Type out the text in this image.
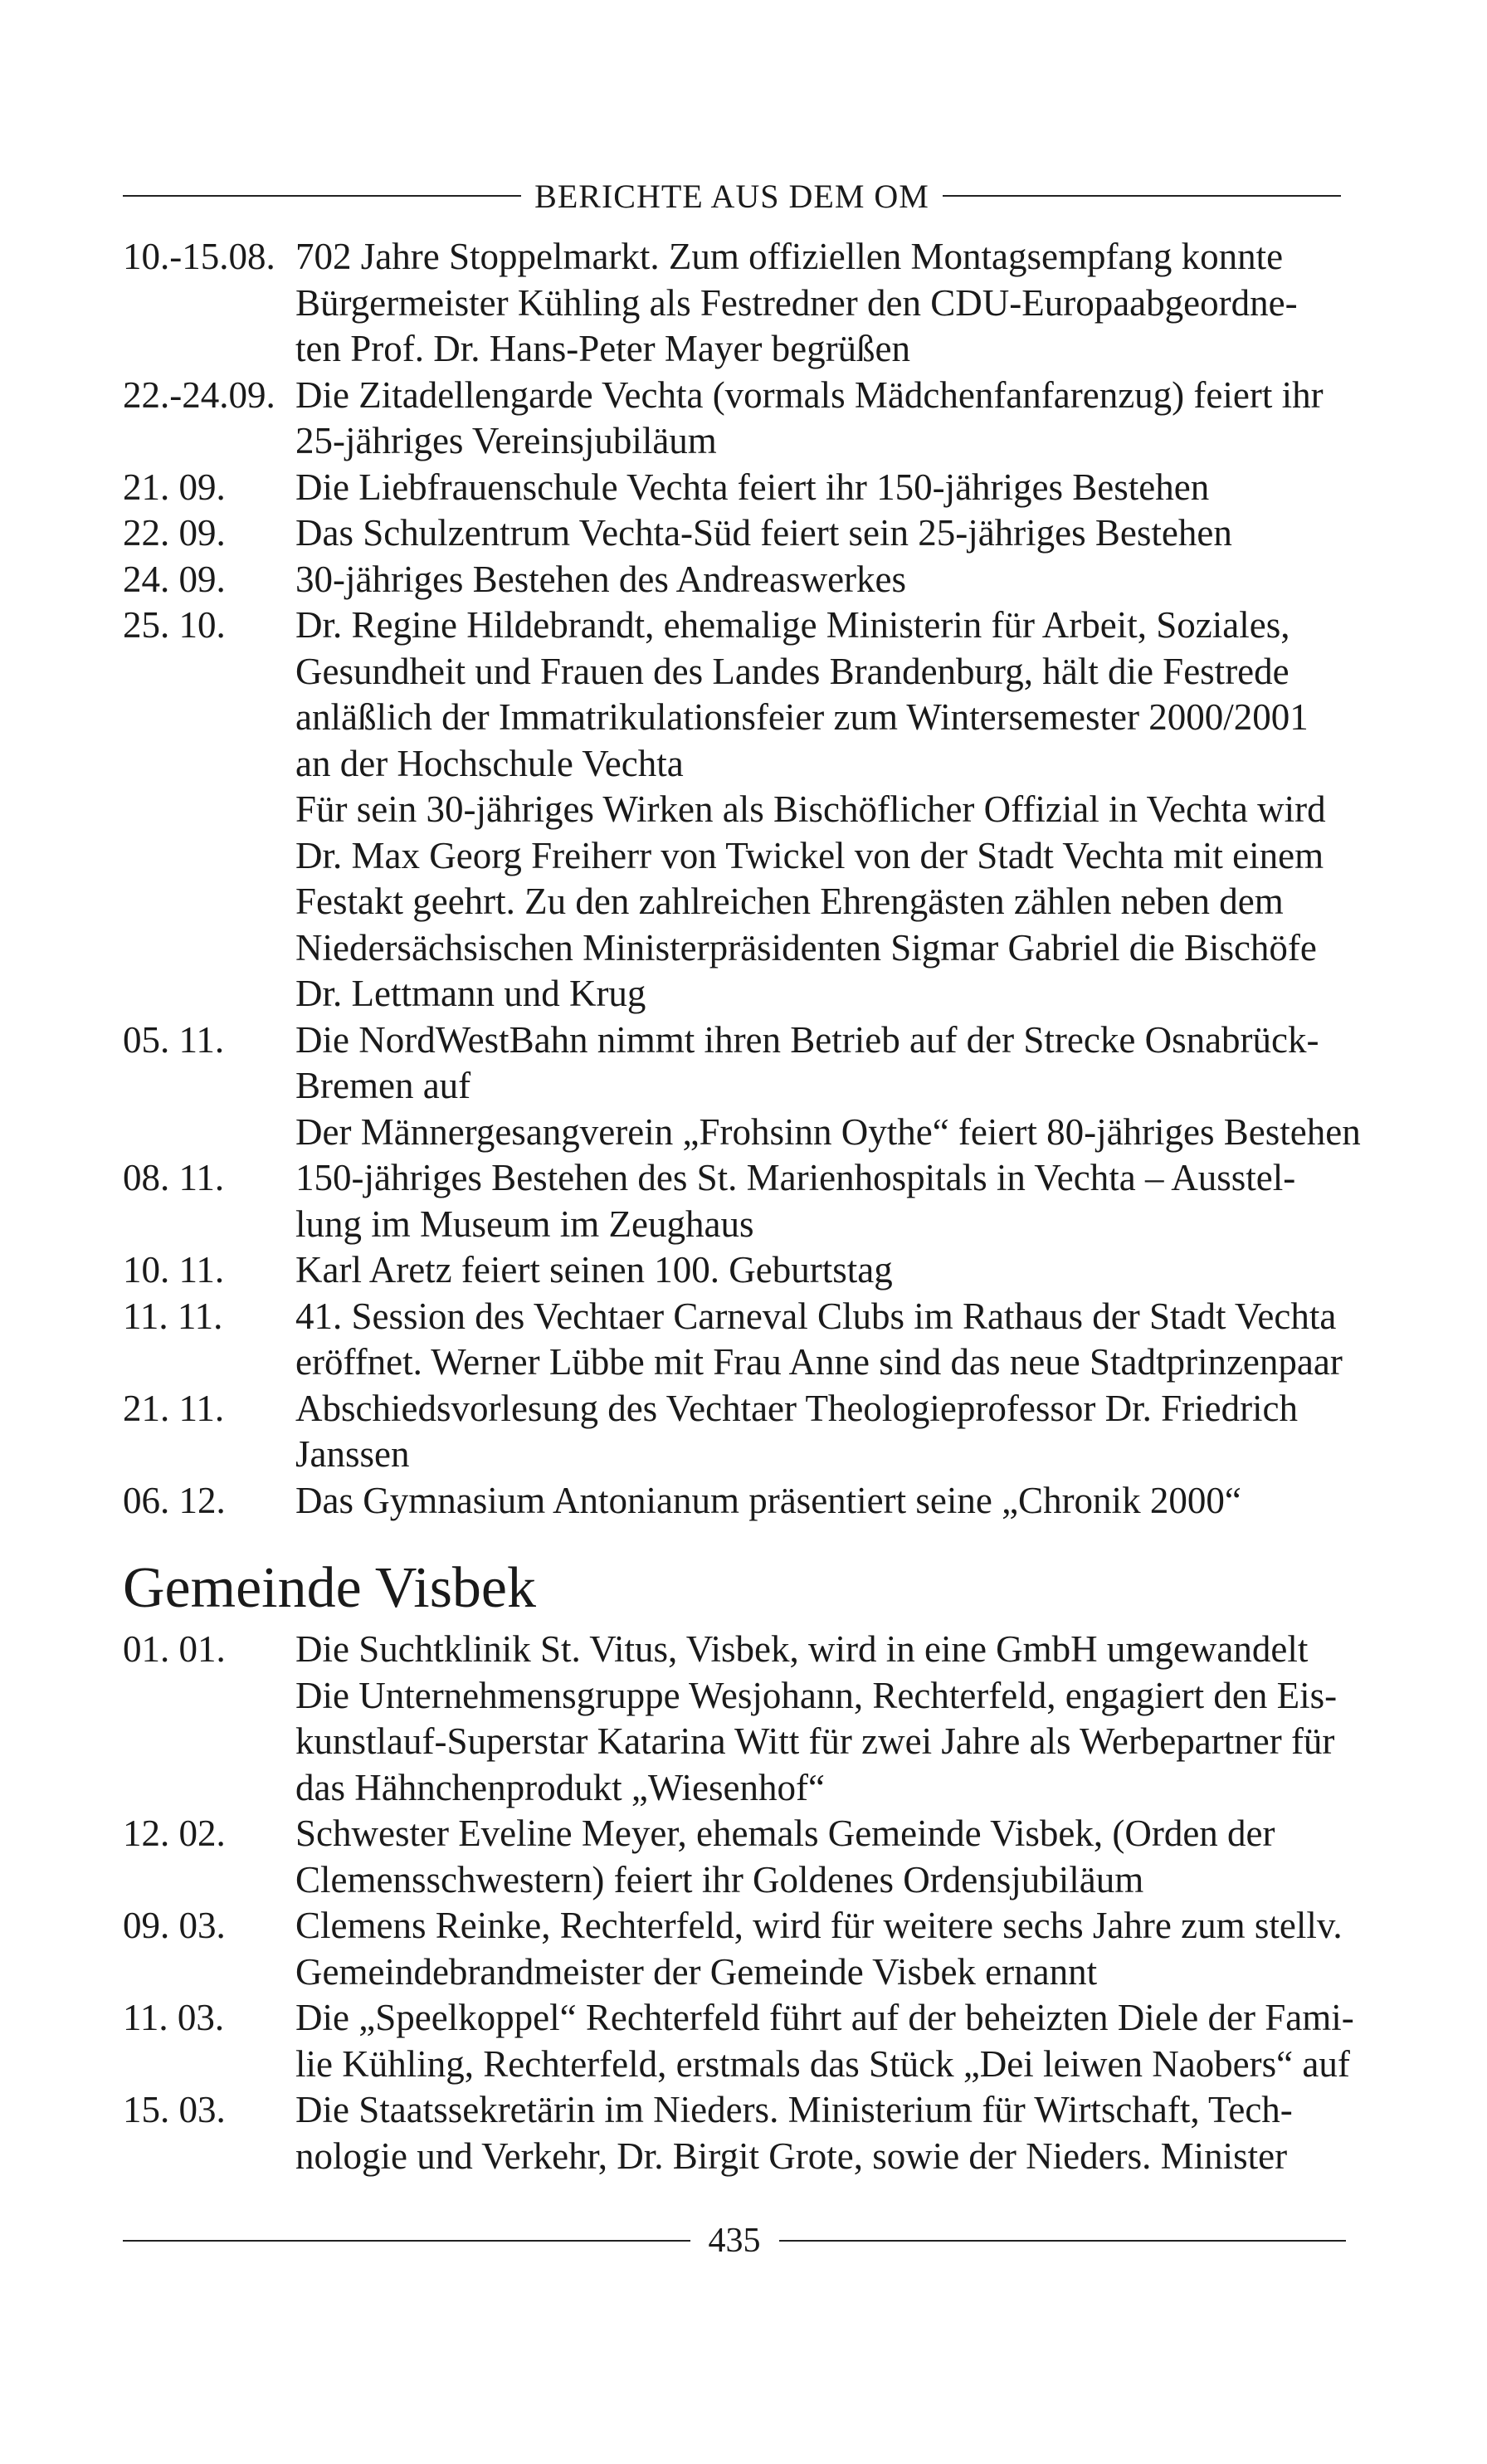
BERICHTE AUS DEM OM
10.-15.08. 702 Jahre Stoppelmarkt. Zum offiziellen Montagsempfang konnte
Bürgermeister Kühling als Festredner den CDU-Europaabgeordne-
ten Prof. Dr. Hans-Peter Mayer begrüßen
22.-24.09. Die Zitadellengarde Vechta (vormals Mädchenfanfarenzug) feiert ihr
25-jähriges Vereinsjubiläum
21. 09.	Die Liebfrauenschule Vechta feiert ihr 150-jähriges Bestehen
22. 09.	Das Schulzentrum Vechta-Süd feiert sein 25-jähriges Bestehen
24. 09.	30-jähriges Bestehen des Andreaswerkes
25. 10.	Dr. Regine Hildebrandt, ehemalige Ministerin für Arbeit, Soziales,
Gesundheit und Frauen des Landes Brandenburg, hält die Festrede
anläßlich der Immatrikulationsfeier zum Wintersemester 2000/2001
an der Hochschule Vechta
Für sein 30-jähriges Wirken als Bischöflicher Offizial in Vechta wird
Dr. Max Georg Freiherr von Twickel von der Stadt Vechta mit einem
Festakt geehrt. Zu den zahlreichen Ehrengästen zählen neben dem
Niedersächsischen Ministerpräsidenten Sigmar Gabriel die Bischöfe
Dr. Lettmann und Krug
05. 11.	Die NordWestBahn nimmt ihren Betrieb auf der Strecke Osnabrück-
Bremen auf
Der Männergesangverein „Frohsinn Oythe“ feiert 80-jähriges Bestehen
08. 11.	150-jähriges Bestehen des St. Marienhospitals in Vechta – Ausstel-
lung im Museum im Zeughaus
10. 11.	Karl Aretz feiert seinen 100. Geburtstag
11. 11.	41. Session des Vechtaer Carneval Clubs im Rathaus der Stadt Vechta
eröffnet. Werner Lübbe mit Frau Anne sind das neue Stadtprinzenpaar
21. 11.	Abschiedsvorlesung des Vechtaer Theologieprofessor Dr. Friedrich
Janssen
06. 12.	Das Gymnasium Antonianum präsentiert seine „Chronik 2000“
Gemeinde Visbek
01. 01.	Die Suchtklinik St. Vitus, Visbek, wird in eine GmbH umgewandelt
Die Unternehmensgruppe Wesjohann, Rechterfeld, engagiert den Eis-
kunstlauf-Superstar Katarina Witt für zwei Jahre als Werbepartner für
das Hähnchenprodukt „Wiesenhof“
12. 02.	Schwester Eveline Meyer, ehemals Gemeinde Visbek, (Orden der
Clemensschwestern) feiert ihr Goldenes Ordensjubiläum
09. 03.	Clemens Reinke, Rechterfeld, wird für weitere sechs Jahre zum stellv.
Gemeindebrandmeister der Gemeinde Visbek ernannt
11. 03.	Die „Speelkoppel“ Rechterfeld führt auf der beheizten Diele der Fami-
lie Kühling, Rechterfeld, erstmals das Stück „Dei leiwen Naobers“ auf
15. 03.	Die Staatssekretärin im Nieders. Ministerium für Wirtschaft, Tech-
nologie und Verkehr, Dr. Birgit Grote, sowie der Nieders. Minister
435
